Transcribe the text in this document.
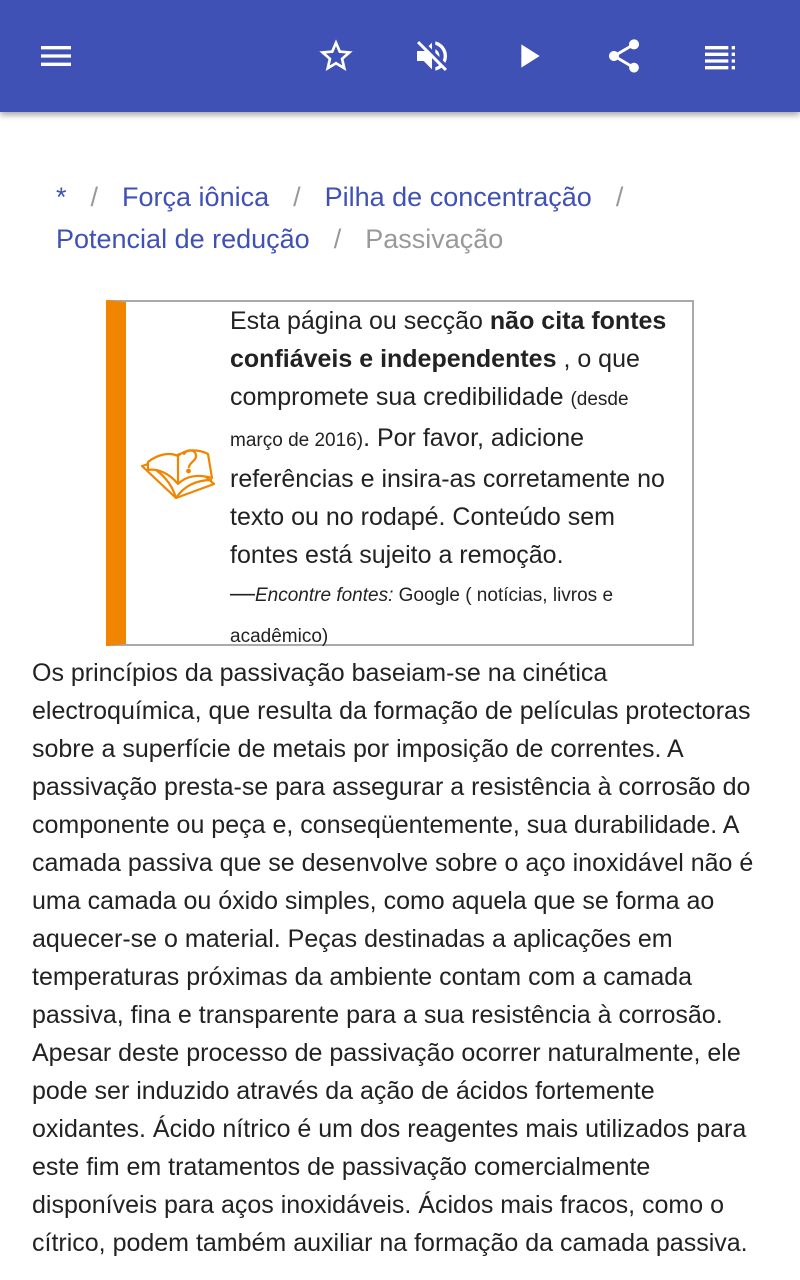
* / Força iônica / Pilha de concentração /
Potencial de redução / Passivação
Esta página ou secção não cita fontes confiáveis e independentes , o que compromete sua credibilidade (desde março de 2016). Por favor, adicione referências e insira-as corretamente no texto ou no rodapé. Conteúdo sem fontes está sujeito a remoção.
—Encontre fontes: Google ( notícias, livros e acadêmico)
Os princípios da passivação baseiam-se na cinética electroquímica, que resulta da formação de películas protectoras sobre a superfície de metais por imposição de correntes. A passivação presta-se para assegurar a resistência à corrosão do componente ou peça e, conseqüentemente, sua durabilidade. A camada passiva que se desenvolve sobre o aço inoxidável não é uma camada ou óxido simples, como aquela que se forma ao aquecer-se o material. Peças destinadas a aplicações em temperaturas próximas da ambiente contam com a camada passiva, fina e transparente para a sua resistência à corrosão. Apesar deste processo de passivação ocorrer naturalmente, ele pode ser induzido através da ação de ácidos fortemente oxidantes. Ácido nítrico é um dos reagentes mais utilizados para este fim em tratamentos de passivação comercialmente disponíveis para aços inoxidáveis. Ácidos mais fracos, como o cítrico, podem também auxiliar na formação da camada passiva.
